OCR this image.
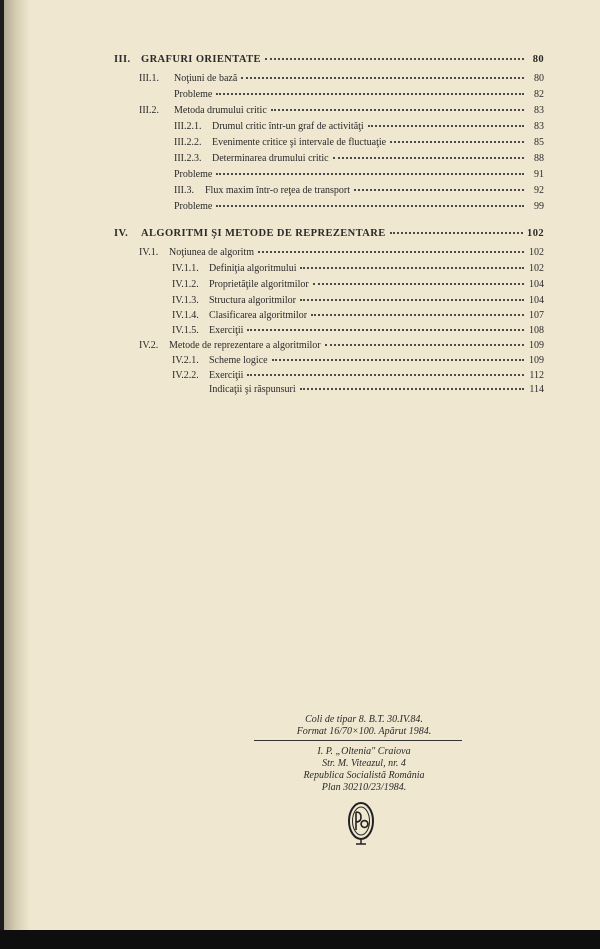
III.	GRAFURI ORIENTATE	80
III.1.	Noţiuni de bază	80
Probleme	82
III.2.	Metoda drumului critic	83
III.2.1.	Drumul critic într-un graf de activităţi	83
III.2.2.	Evenimente critice şi intervale de fluctuaţie	85
III.2.3.	Determinarea drumului critic	88
Probleme	91
III.3.	Flux maxim într-o reţea de transport	92
Probleme	99
IV.	ALGORITMI ŞI METODE DE REPREZENTARE	102
IV.1.	Noţiunea de algoritm	102
IV.1.1.	Definiţia algoritmului	102
IV.1.2.	Proprietăţile algoritmilor	104
IV.1.3.	Structura algoritmilor	104
IV.1.4.	Clasificarea algoritmilor	107
IV.1.5.	Exerciţii	108
IV.2.	Metode de reprezentare a algoritmilor	109
IV.2.1.	Scheme logice	109
IV.2.2.	Exerciţii	112
Indicaţii şi răspunsuri	114
Coli de tipar 8. B.T. 30.IV.84.
Format 16/70×100. Apărut 1984.
I. P. „Oltenia" Craiova
Str. M. Viteazul, nr. 4
Republica Socialistă România
Plan 30210/23/1984.
